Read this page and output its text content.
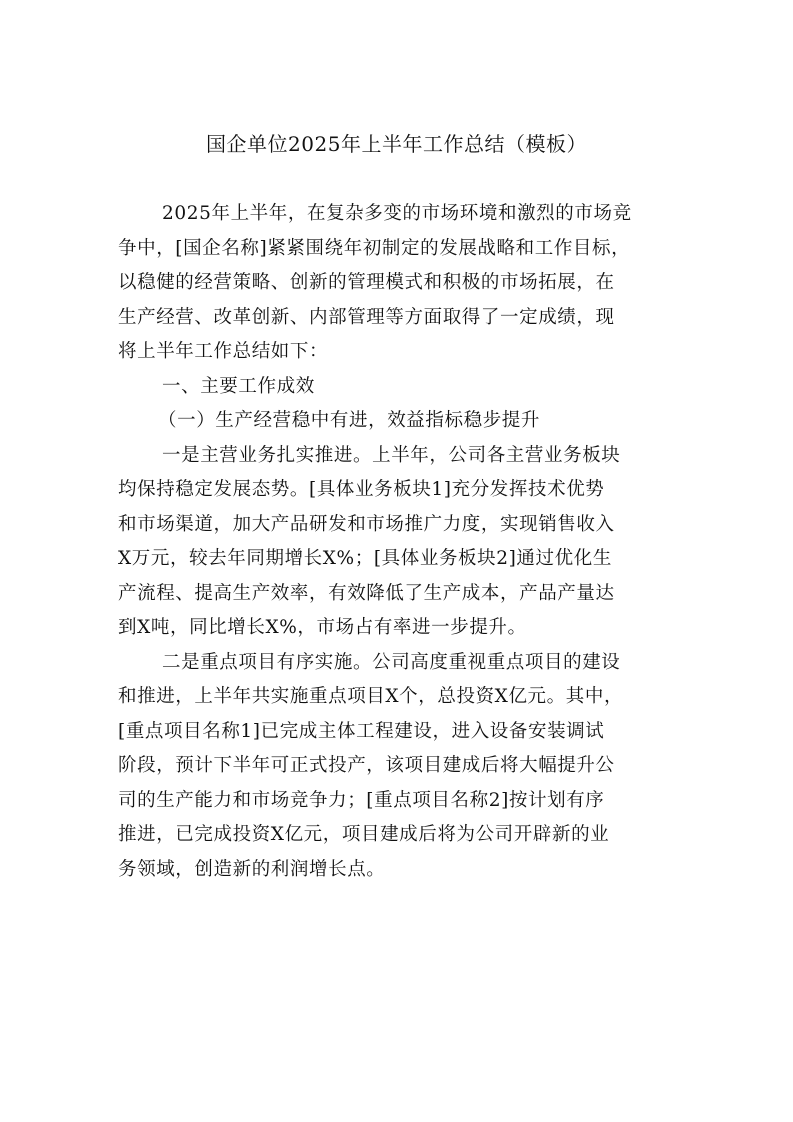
国企单位2025年上半年工作总结（模板）
2025年上半年，在复杂多变的市场环境和激烈的市场竞
争中，[国企名称]紧紧围绕年初制定的发展战略和工作目标，
以稳健的经营策略、创新的管理模式和积极的市场拓展，在
生产经营、改革创新、内部管理等方面取得了一定成绩，现
将上半年工作总结如下：
一、主要工作成效
（一）生产经营稳中有进，效益指标稳步提升
一是主营业务扎实推进。上半年，公司各主营业务板块
均保持稳定发展态势。[具体业务板块1]充分发挥技术优势
和市场渠道，加大产品研发和市场推广力度，实现销售收入
X万元，较去年同期增长X%；[具体业务板块2]通过优化生
产流程、提高生产效率，有效降低了生产成本，产品产量达
到X吨，同比增长X%，市场占有率进一步提升。
二是重点项目有序实施。公司高度重视重点项目的建设
和推进，上半年共实施重点项目X个，总投资X亿元。其中，
[重点项目名称1]已完成主体工程建设，进入设备安装调试
阶段，预计下半年可正式投产，该项目建成后将大幅提升公
司的生产能力和市场竞争力；[重点项目名称2]按计划有序
推进，已完成投资X亿元，项目建成后将为公司开辟新的业
务领域，创造新的利润增长点。
